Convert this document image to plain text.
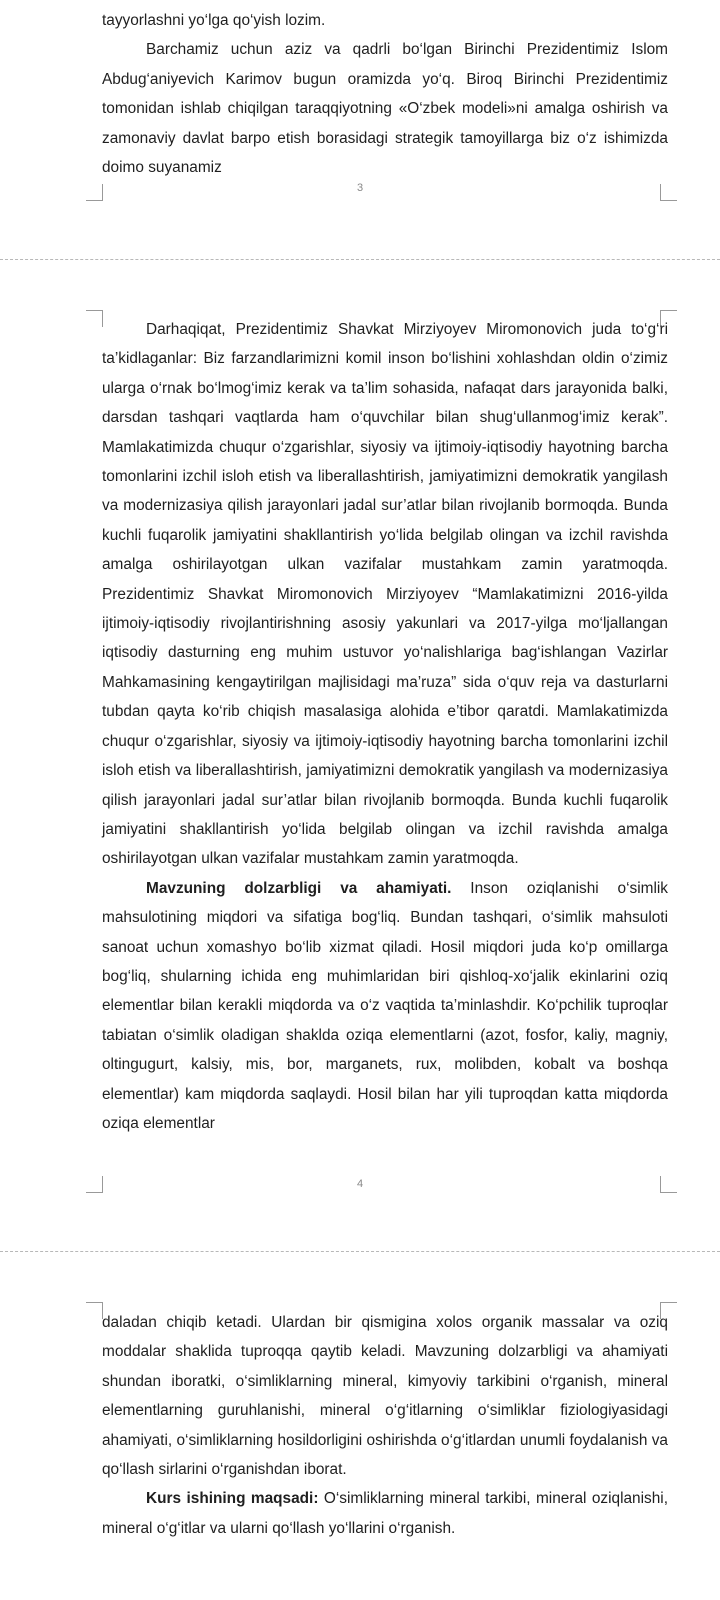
tayyorlashni yo‘lga qo‘yish lozim.

Barchamiz uchun aziz va qadrli bo‘lgan Birinchi Prezidentimiz Islom Abdug‘aniyevich Karimov bugun oramizda yo‘q. Biroq Birinchi Prezidentimiz tomonidan ishlab chiqilgan taraqqiyotning «O‘zbek modeli»ni amalga oshirish va zamonaviy davlat barpo etish borasidagi strategik tamoyillarga biz o‘z ishimizda doimo suyanamiz

3

Darhaqiqat, Prezidentimiz Shavkat Mirziyoyev Miromonovich juda to‘g‘ri ta’kidlaganlar: Biz farzandlarimizni komil inson bo‘lishini xohlashdan oldin o‘zimiz ularga o‘rnak bo‘lmog‘imiz kerak va ta’lim sohasida, nafaqat dars jarayonida balki, darsdan tashqari vaqtlarda ham o‘quvchilar bilan shug‘ullanmog‘imiz kerak”. Mamlakatimizda chuqur o‘zgarishlar, siyosiy va ijtimoiy-iqtisodiy hayotning barcha tomonlarini izchil isloh etish va liberallashtirish, jamiyatimizni demokratik yangilash va modernizasiya qilish jarayonlari jadal sur’atlar bilan rivojlanib bormoqda. Bunda kuchli fuqarolik jamiyatini shakllantirish yo‘lida belgilab olingan va izchil ravishda amalga oshirilayotgan ulkan vazifalar mustahkam zamin yaratmoqda. Prezidentimiz Shavkat Miromonovich Mirziyoyev “Mamlakatimizni 2016-yilda ijtimoiy-iqtisodiy rivojlantirishning asosiy yakunlari va 2017-yilga mo‘ljallangan iqtisodiy dasturning eng muhim ustuvor yo‘nalishlariga bag‘ishlangan Vazirlar Mahkamasining kengaytirilgan majlisidagi ma’ruza” sida o‘quv reja va dasturlarni tubdan qayta ko‘rib chiqish masalasiga alohida e’tibor qaratdi. Mamlakatimizda chuqur o‘zgarishlar, siyosiy va ijtimoiy-iqtisodiy hayotning barcha tomonlarini izchil isloh etish va liberallashtirish, jamiyatimizni demokratik yangilash va modernizasiya qilish jarayonlari jadal sur’atlar bilan rivojlanib bormoqda. Bunda kuchli fuqarolik jamiyatini shakllantirish yo‘lida belgilab olingan va izchil ravishda amalga oshirilayotgan ulkan vazifalar mustahkam zamin yaratmoqda.

Mavzuning dolzarbligi va ahamiyati. Inson oziqlanishi o‘simlik mahsulotining miqdori va sifatiga bog‘liq. Bundan tashqari, o‘simlik mahsuloti sanoat uchun xomashyo bo‘lib xizmat qiladi. Hosil miqdori juda ko‘p omillarga bog‘liq, shularning ichida eng muhimlaridan biri qishloq-xo‘jalik ekinlarini oziq elementlar bilan kerakli miqdorda va o‘z vaqtida ta’minlashdir. Ko‘pchilik tuproqlar tabiatan o‘simlik oladigan shaklda oziqa elementlarni (azot, fosfor, kaliy, magniy, oltingugurt, kalsiy, mis, bor, marganets, rux, molibden, kobalt va boshqa elementlar) kam miqdorda saqlaydi. Hosil bilan har yili tuproqdan katta miqdorda oziqa elementlar

4

daladan chiqib ketadi. Ulardan bir qismigina xolos organik massalar va oziq moddalar shaklida tuproqqa qaytib keladi. Mavzuning dolzarbligi va ahamiyati shundan iboratki, o‘simliklarning mineral, kimyoviy tarkibini o‘rganish, mineral elementlarning guruhlanishi, mineral o‘g‘itlarning o‘simliklar fiziologiyasidagi ahamiyati, o‘simliklarning hosildorligini oshirishda o‘g‘itlardan unumli foydalanish va qo‘llash sirlarini o‘rganishdan iborat.

Kurs ishining maqsadi: O‘simliklarning mineral tarkibi, mineral oziqlanishi, mineral o‘g‘itlar va ularni qo‘llash yo‘llarini o‘rganish.
